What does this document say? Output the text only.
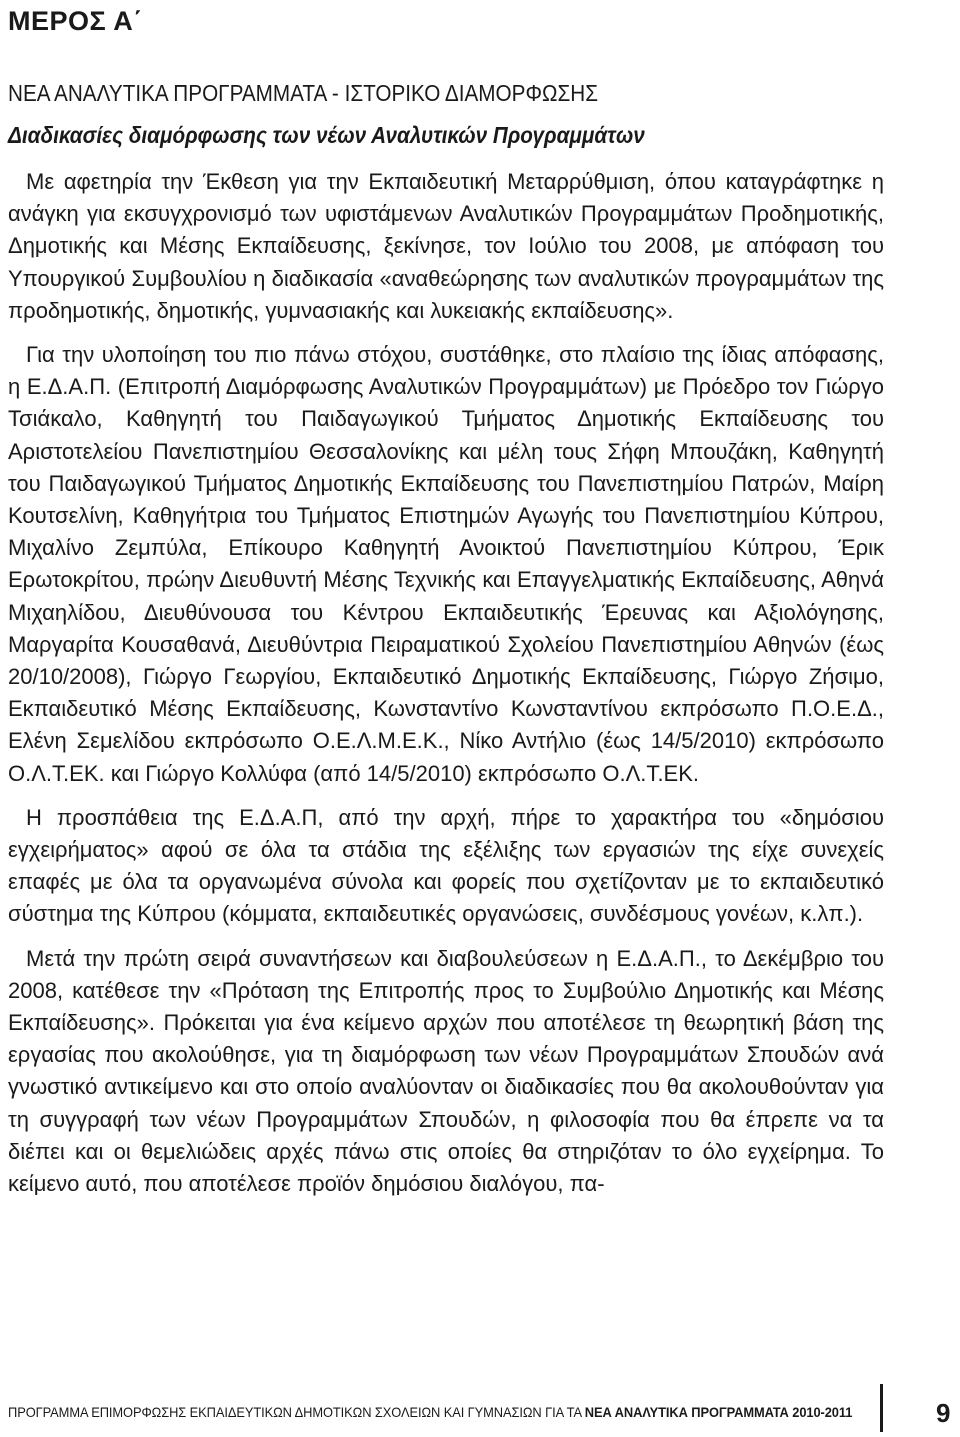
ΜΕΡΟΣ Α΄
ΝΕΑ ΑΝΑΛΥΤΙΚΑ ΠΡΟΓΡΑΜΜΑΤΑ - ΙΣΤΟΡΙΚΟ ΔΙΑΜΟΡΦΩΣΗΣ
Διαδικασίες διαμόρφωσης των νέων Αναλυτικών Προγραμμάτων

Με αφετηρία την Έκθεση για την Εκπαιδευτική Μεταρρύθμιση, όπου καταγράφτηκε η ανάγκη για εκσυγχρονισμό των υφιστάμενων Αναλυτικών Προγραμμάτων Προδημοτικής, Δημοτικής και Μέσης Εκπαίδευσης, ξεκίνησε, τον Ιούλιο του 2008, με απόφαση του Υπουργικού Συμβουλίου η διαδικασία «αναθεώρησης των αναλυτικών προγραμμάτων της προδημοτικής, δημοτικής, γυμνασιακής και λυκειακής εκπαίδευσης».

Για την υλοποίηση του πιο πάνω στόχου, συστάθηκε, στο πλαίσιο της ίδιας απόφασης, η Ε.Δ.Α.Π. (Επιτροπή Διαμόρφωσης Αναλυτικών Προγραμμάτων) με Πρόεδρο τον Γιώργο Τσιάκαλο, Καθηγητή του Παιδαγωγικού Τμήματος Δημοτικής Εκπαίδευσης του Αριστοτελείου Πανεπιστημίου Θεσσαλονίκης και μέλη τους Σήφη Μπουζάκη, Καθηγητή του Παιδαγωγικού Τμήματος Δημοτικής Εκπαίδευσης του Πανεπιστημίου Πατρών, Μαίρη Κουτσελίνη, Καθηγήτρια του Τμήματος Επιστημών Αγωγής του Πανεπιστημίου Κύπρου, Μιχαλίνο Ζεμπύλα, Επίκουρο Καθηγητή Ανοικτού Πανεπιστημίου Κύπρου, Έρικ Ερωτοκρίτου, πρώην Διευθυντή Μέσης Τεχνικής και Επαγγελματικής Εκπαίδευσης, Αθηνά Μιχαηλίδου, Διευθύνουσα του Κέντρου Εκπαιδευτικής Έρευνας και Αξιολόγησης, Μαργαρίτα Κουσαθανά, Διευθύντρια Πειραματικού Σχολείου Πανεπιστημίου Αθηνών (έως 20/10/2008), Γιώργο Γεωργίου, Εκπαιδευτικό Δημοτικής Εκπαίδευσης, Γιώργο Ζήσιμο, Εκπαιδευτικό Μέσης Εκπαίδευσης, Κωνσταντίνο Κωνσταντίνου εκπρόσωπο Π.Ο.Ε.Δ., Ελένη Σεμελίδου εκπρόσωπο Ο.Ε.Λ.Μ.Ε.Κ., Νίκο Αντήλιο (έως 14/5/2010) εκπρόσωπο Ο.Λ.Τ.ΕΚ. και Γιώργο Κολλύφα (από 14/5/2010) εκπρόσωπο Ο.Λ.Τ.ΕΚ.

Η προσπάθεια της Ε.Δ.Α.Π, από την αρχή, πήρε το χαρακτήρα του «δημόσιου εγχειρήματος» αφού σε όλα τα στάδια της εξέλιξης των εργασιών της είχε συνεχείς επαφές με όλα τα οργανωμένα σύνολα και φορείς που σχετίζονταν με το εκπαιδευτικό σύστημα της Κύπρου (κόμματα, εκπαιδευτικές οργανώσεις, συνδέσμους γονέων, κ.λπ.).

Μετά την πρώτη σειρά συναντήσεων και διαβουλεύσεων η Ε.Δ.Α.Π., το Δεκέμβριο του 2008, κατέθεσε την «Πρόταση της Επιτροπής προς το Συμβούλιο Δημοτικής και Μέσης Εκπαίδευσης». Πρόκειται για ένα κείμενο αρχών που αποτέλεσε τη θεωρητική βάση της εργασίας που ακολούθησε, για τη διαμόρφωση των νέων Προγραμμάτων Σπουδών ανά γνωστικό αντικείμενο και στο οποίο αναλύονταν οι διαδικασίες που θα ακολουθούνταν για τη συγγραφή των νέων Προγραμμάτων Σπουδών, η φιλοσοφία που θα έπρεπε να τα διέπει και οι θεμελιώδεις αρχές πάνω στις οποίες θα στηριζόταν το όλο εγχείρημα. Το κείμενο αυτό, που αποτέλεσε προϊόν δημόσιου διαλόγου, πα-

ΠΡΟΓΡΑΜΜΑ ΕΠΙΜΟΡΦΩΣΗΣ ΕΚΠΑΙΔΕΥΤΙΚΩΝ ΔΗΜΟΤΙΚΩΝ ΣΧΟΛΕΙΩΝ ΚΑΙ ΓΥΜΝΑΣΙΩΝ ΓΙΑ ΤΑ ΝΕΑ ΑΝΑΛΥΤΙΚΑ ΠΡΟΓΡΑΜΜΑΤΑ 2010-2011	9
